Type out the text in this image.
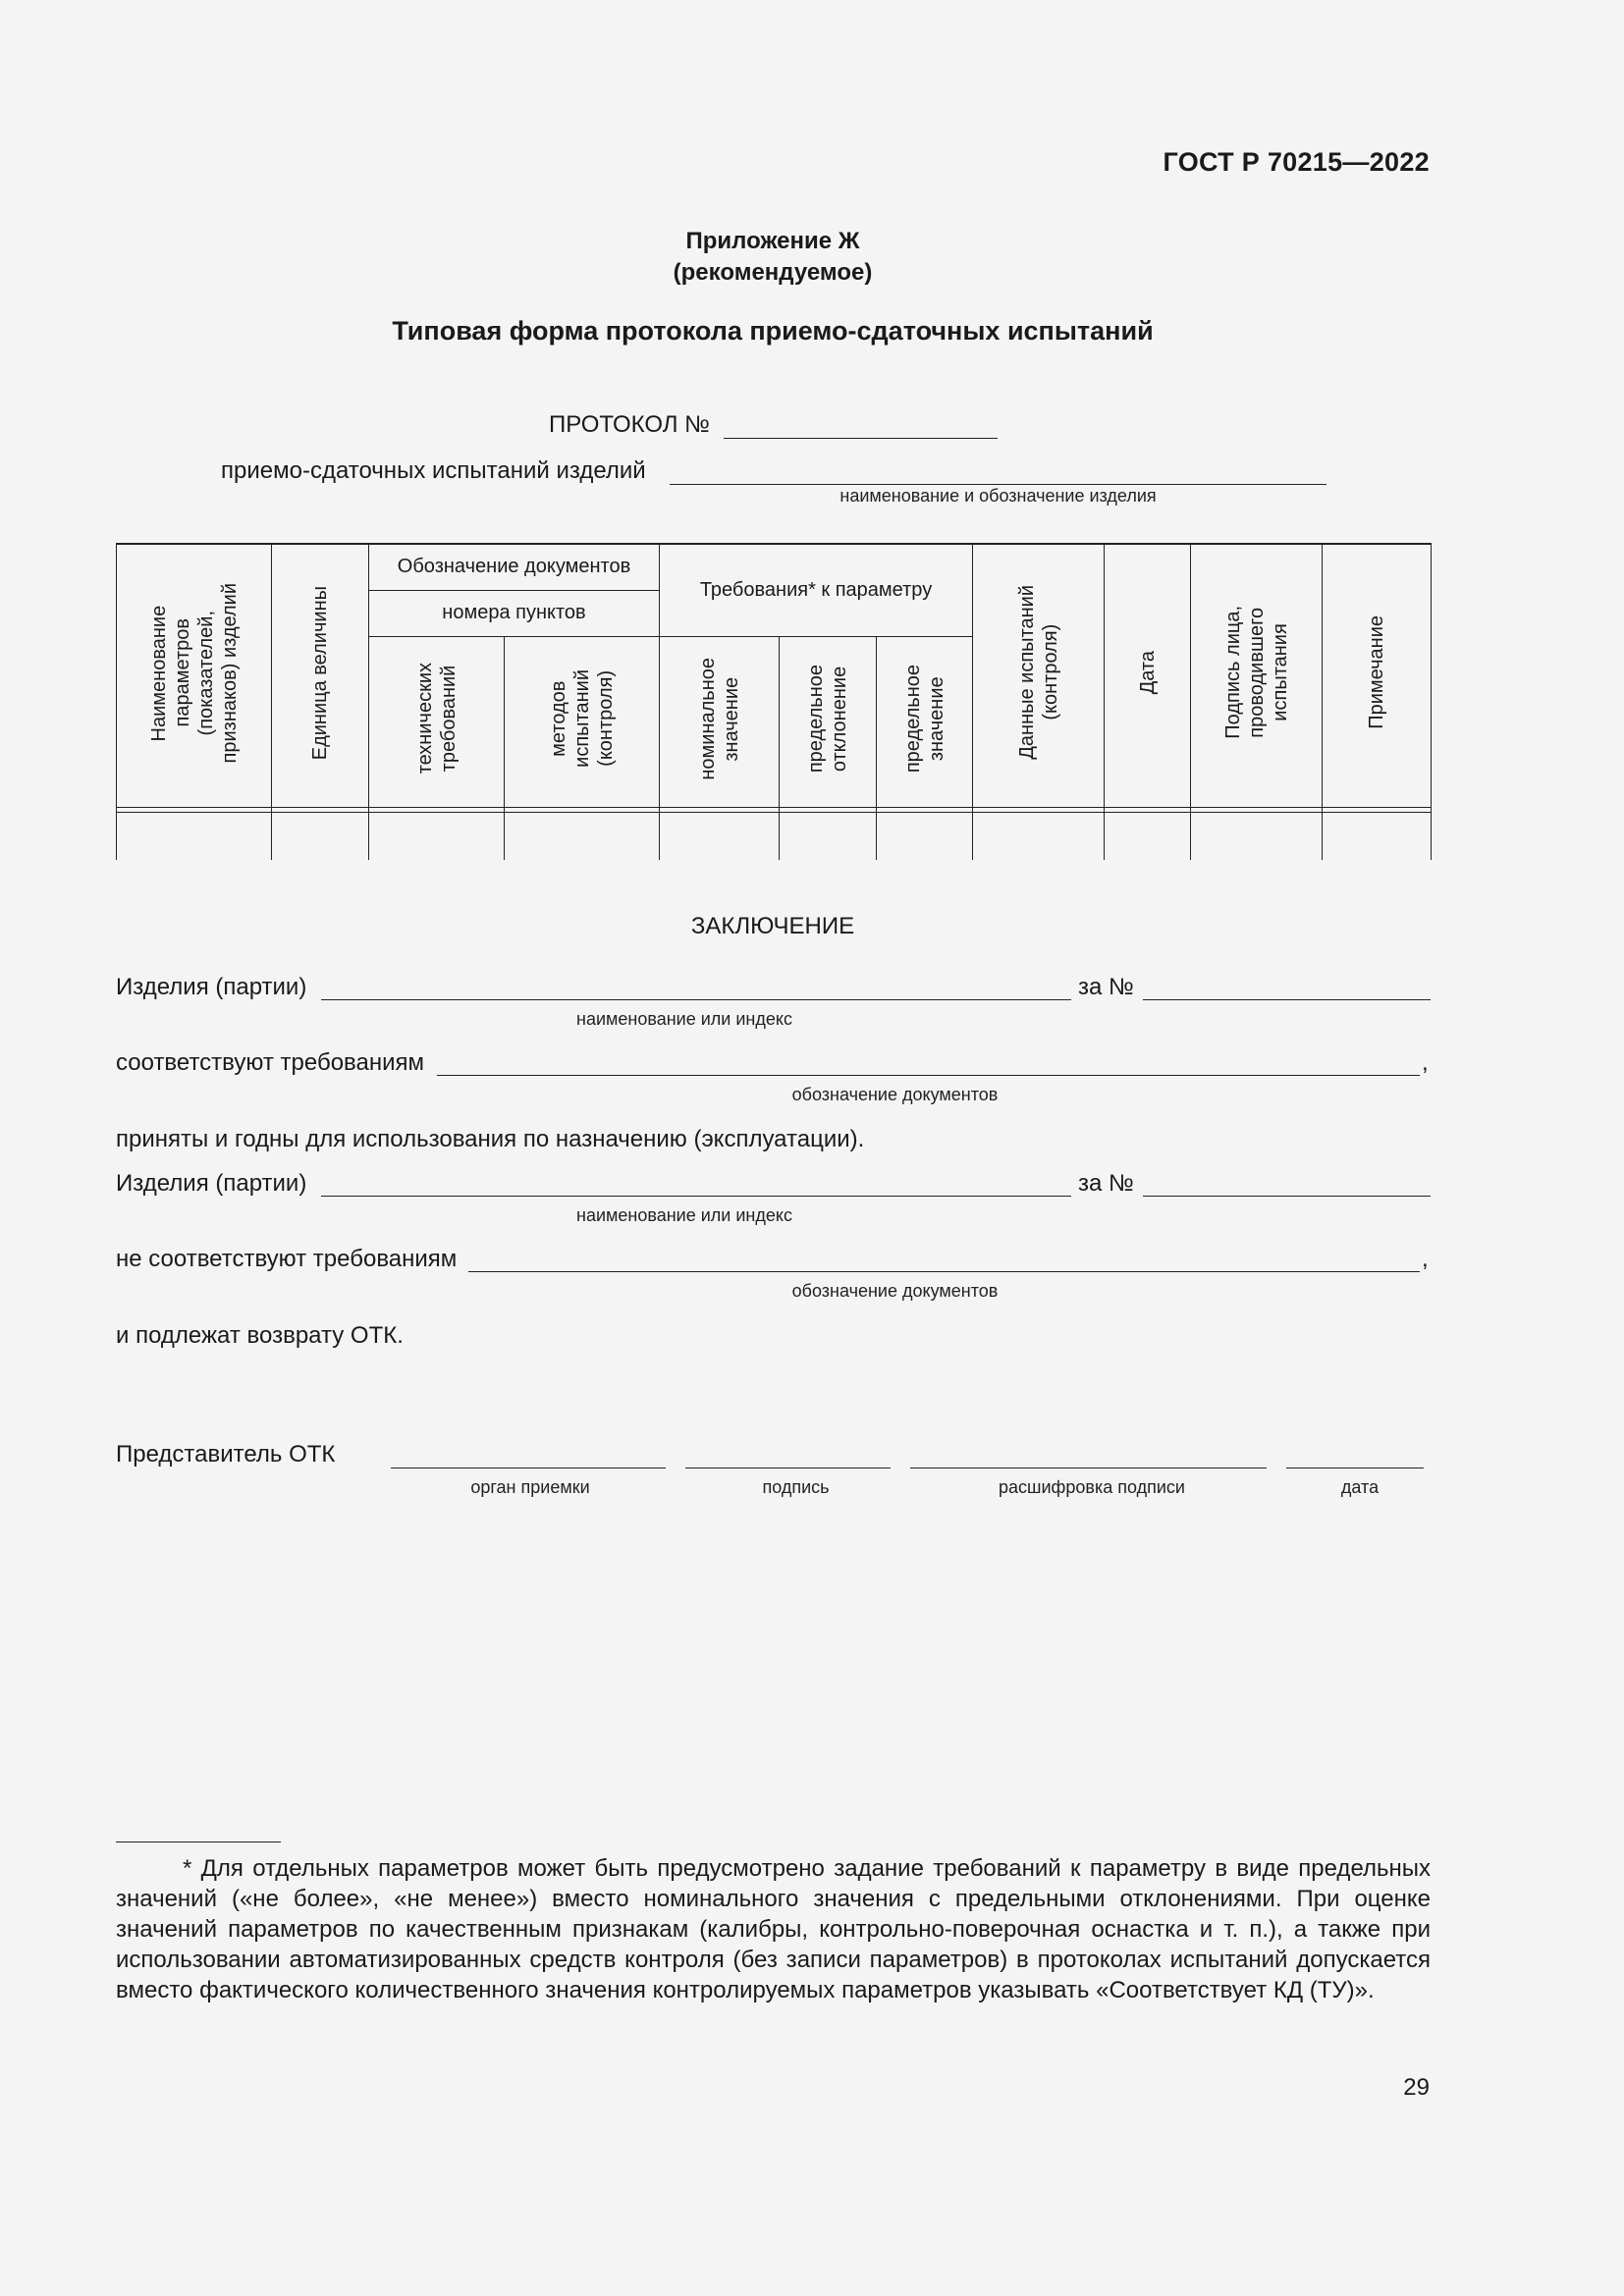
ГОСТ Р 70215—2022
Приложение Ж
(рекомендуемое)
Типовая форма протокола приемо-сдаточных испытаний
ПРОТОКОЛ №
приемо-сдаточных испытаний изделий
наименование и обозначение изделия
Наименование параметров (показателей, признаков) изделий	Единица величины	Обозначение документов		Требования* к параметру			Данные испытаний (контроля)	Дата	Подпись лица, проводившего испытания	Примечание
		номера пунктов								
		технических требований	методов испытаний (контроля)	номинальное значение	предельное отклонение	предельное значение				

ЗАКЛЮЧЕНИЕ
Изделия (партии)	за №
наименование или индекс
соответствуют требованиям	,
обозначение документов
приняты и годны для использования по назначению (эксплуатации).
Изделия (партии)	за №
наименование или индекс
не соответствуют требованиям	,
обозначение документов
и подлежат возврату ОТК.
Представитель ОТК
орган приемки	подпись	расшифровка подписи	дата
* Для отдельных параметров может быть предусмотрено задание требований к параметру в виде предельных значений («не более», «не менее») вместо номинального значения с предельными отклонениями. При оценке значений параметров по качественным признакам (калибры, контрольно-поверочная оснастка и т. п.), а также при использовании автоматизированных средств контроля (без записи параметров) в протоколах испытаний допускается вместо фактического количественного значения контролируемых параметров указывать «Соответствует КД (ТУ)».
29
